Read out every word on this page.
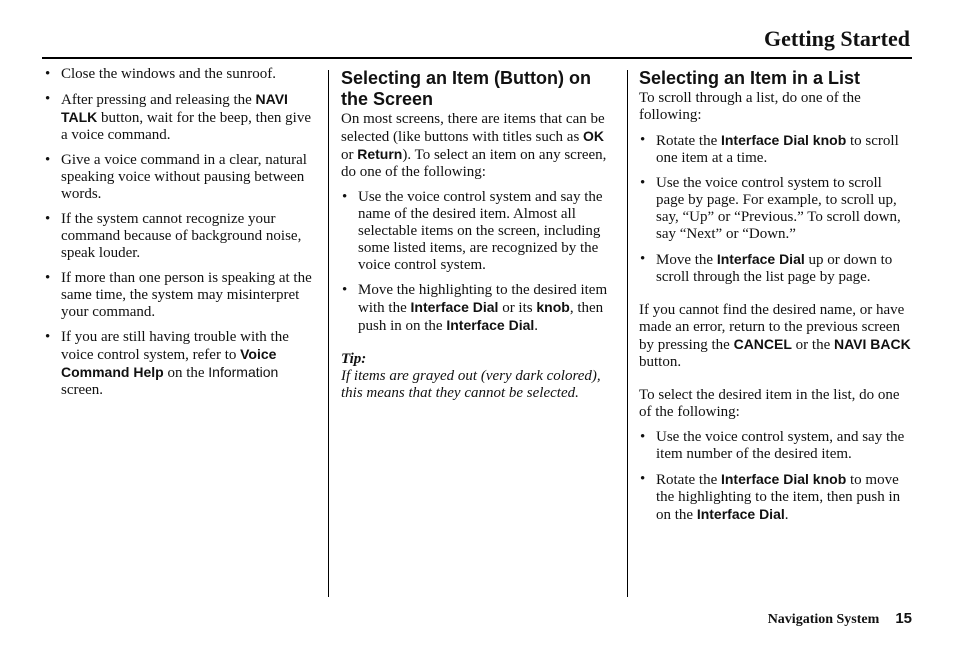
Getting Started
• Close the windows and the sunroof.
• After pressing and releasing the NAVI TALK button, wait for the beep, then give a voice command.
• Give a voice command in a clear, natural speaking voice without pausing between words.
• If the system cannot recognize your command because of background noise, speak louder.
• If more than one person is speaking at the same time, the system may misinterpret your command.
• If you are still having trouble with the voice control system, refer to Voice Command Help on the Information screen.
Selecting an Item (Button) on the Screen

On most screens, there are items that can be selected (like buttons with titles such as OK or Return). To select an item on any screen, do one of the following:

• Use the voice control system and say the name of the desired item. Almost all selectable items on the screen, including some listed items, are recognized by the voice control system.
• Move the highlighting to the desired item with the Interface Dial or its knob, then push in on the Interface Dial.
Tip:
If items are grayed out (very dark colored), this means that they cannot be selected.
Selecting an Item in a List

To scroll through a list, do one of the following:

• Rotate the Interface Dial knob to scroll one item at a time.
• Use the voice control system to scroll page by page. For example, to scroll up, say, “Up” or “Previous.” To scroll down, say “Next” or “Down.”
• Move the Interface Dial up or down to scroll through the list page by page.

If you cannot find the desired name, or have made an error, return to the previous screen by pressing the CANCEL or the NAVI BACK button.

To select the desired item in the list, do one of the following:

• Use the voice control system, and say the item number of the desired item.
• Rotate the Interface Dial knob to move the highlighting to the item, then push in on the Interface Dial.
Navigation System 15
